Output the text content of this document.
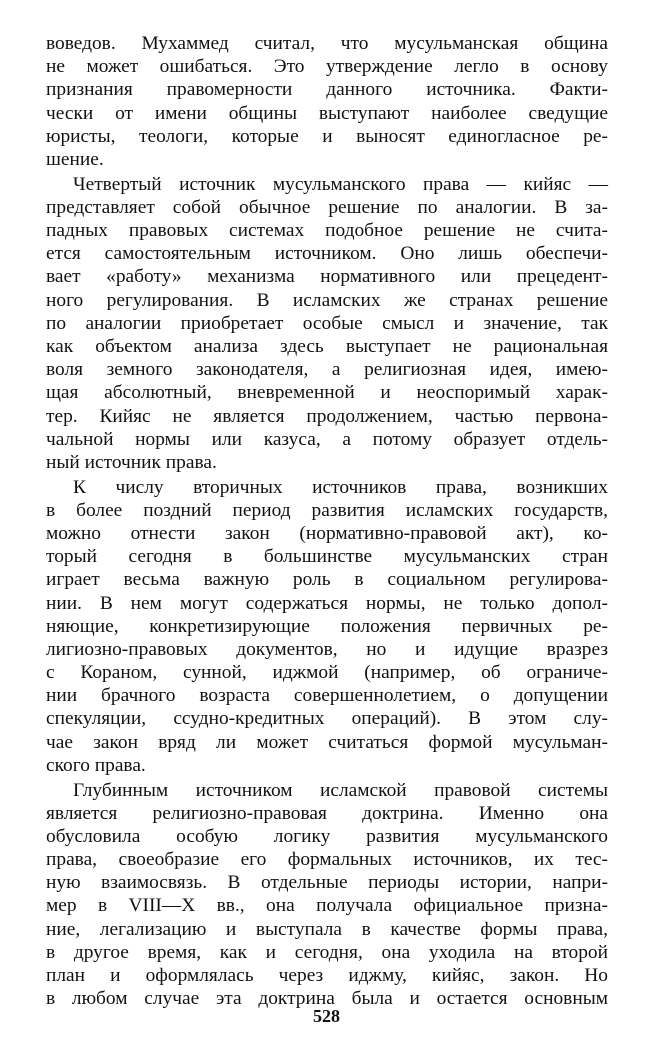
воведов. Мухаммед считал, что мусульманская община
не может ошибаться. Это утверждение легло в основу
признания правомерности данного источника. Факти-
чески от имени общины выступают наиболее сведущие
юристы, теологи, которые и выносят единогласное ре-
шение.
Четвертый источник мусульманского права — кийяс —
представляет собой обычное решение по аналогии. В за-
падных правовых системах подобное решение не счита-
ется самостоятельным источником. Оно лишь обеспечи-
вает «работу» механизма нормативного или прецедент-
ного регулирования. В исламских же странах решение
по аналогии приобретает особые смысл и значение, так
как объектом анализа здесь выступает не рациональная
воля земного законодателя, а религиозная идея, имею-
щая абсолютный, вневременной и неоспоримый харак-
тер. Кийяс не является продолжением, частью первона-
чальной нормы или казуса, а потому образует отдель-
ный источник права.
К числу вторичных источников права, возникших
в более поздний период развития исламских государств,
можно отнести закон (нормативно-правовой акт), ко-
торый сегодня в большинстве мусульманских стран
играет весьма важную роль в социальном регулирова-
нии. В нем могут содержаться нормы, не только допол-
няющие, конкретизирующие положения первичных ре-
лигиозно-правовых документов, но и идущие вразрез
с Кораном, сунной, иджмой (например, об ограниче-
нии брачного возраста совершеннолетием, о допущении
спекуляции, ссудно-кредитных операций). В этом слу-
чае закон вряд ли может считаться формой мусульман-
ского права.
Глубинным источником исламской правовой системы
является религиозно-правовая доктрина. Именно она
обусловила особую логику развития мусульманского
права, своеобразие его формальных источников, их тес-
ную взаимосвязь. В отдельные периоды истории, напри-
мер в VIII—X вв., она получала официальное призна-
ние, легализацию и выступала в качестве формы права,
в другое время, как и сегодня, она уходила на второй
план и оформлялась через иджму, кийяс, закон. Но
в любом случае эта доктрина была и остается основным
528
